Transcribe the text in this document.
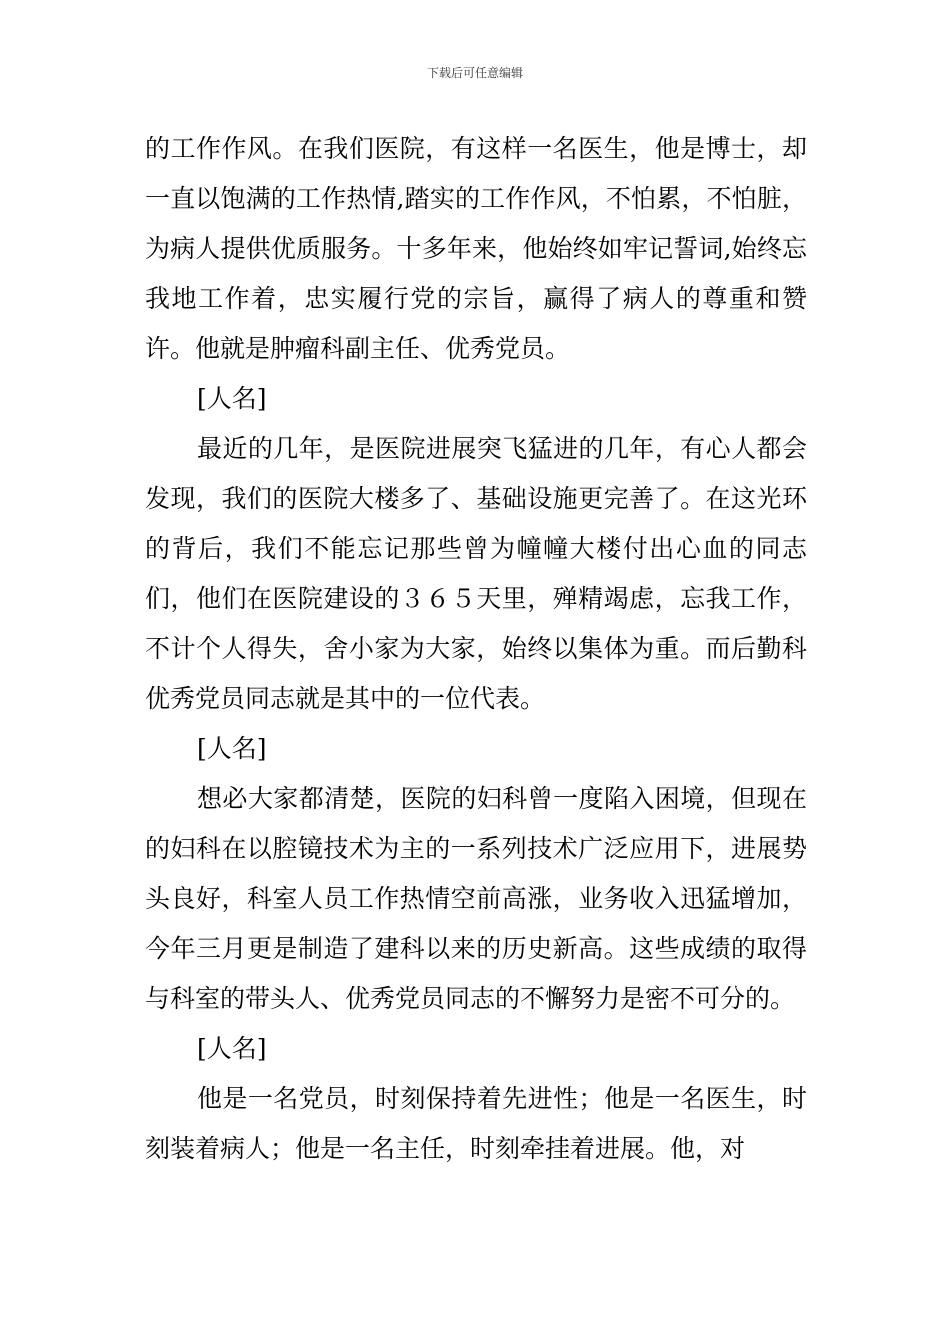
下载后可任意编辑

的工作作风。在我们医院，有这样一名医生，他是博士，却一直以饱满的工作热情,踏实的工作作风，不怕累，不怕脏，为病人提供优质服务。十多年来，他始终如牢记誓词,始终忘我地工作着，忠实履行党的宗旨，赢得了病人的尊重和赞许。他就是肿瘤科副主任、优秀党员。

[人名]

最近的几年，是医院进展突飞猛进的几年，有心人都会发现，我们的医院大楼多了、基础设施更完善了。在这光环的背后，我们不能忘记那些曾为幢幢大楼付出心血的同志们，他们在医院建设的３６５天里，殚精竭虑，忘我工作，不计个人得失，舍小家为大家，始终以集体为重。而后勤科优秀党员同志就是其中的一位代表。

[人名]

想必大家都清楚，医院的妇科曾一度陷入困境，但现在的妇科在以腔镜技术为主的一系列技术广泛应用下，进展势头良好，科室人员工作热情空前高涨，业务收入迅猛增加，今年三月更是制造了建科以来的历史新高。这些成绩的取得与科室的带头人、优秀党员同志的不懈努力是密不可分的。

[人名]

他是一名党员，时刻保持着先进性；他是一名医生，时刻装着病人；他是一名主任，时刻牵挂着进展。他，对
